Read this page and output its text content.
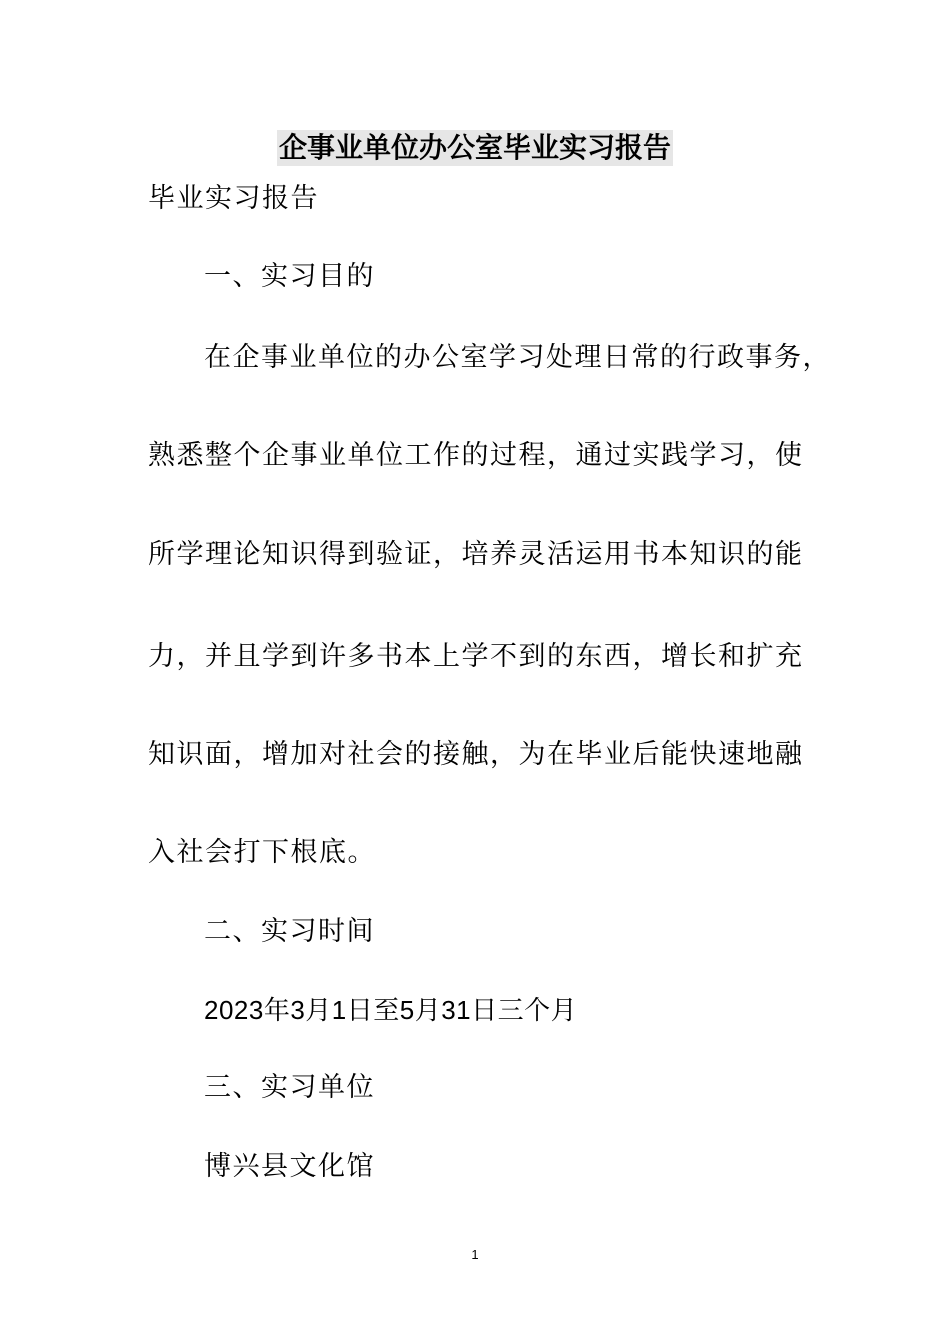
企事业单位办公室毕业实习报告
毕业实习报告
一、实习目的
在企事业单位的办公室学习处理日常的行政事务，
熟悉整个企事业单位工作的过程，通过实践学习，使
所学理论知识得到验证，培养灵活运用书本知识的能
力，并且学到许多书本上学不到的东西，增长和扩充
知识面，增加对社会的接触，为在毕业后能快速地融
入社会打下根底。
二、实习时间
2023年3月1日至5月31日三个月
三、实习单位
博兴县文化馆
1
